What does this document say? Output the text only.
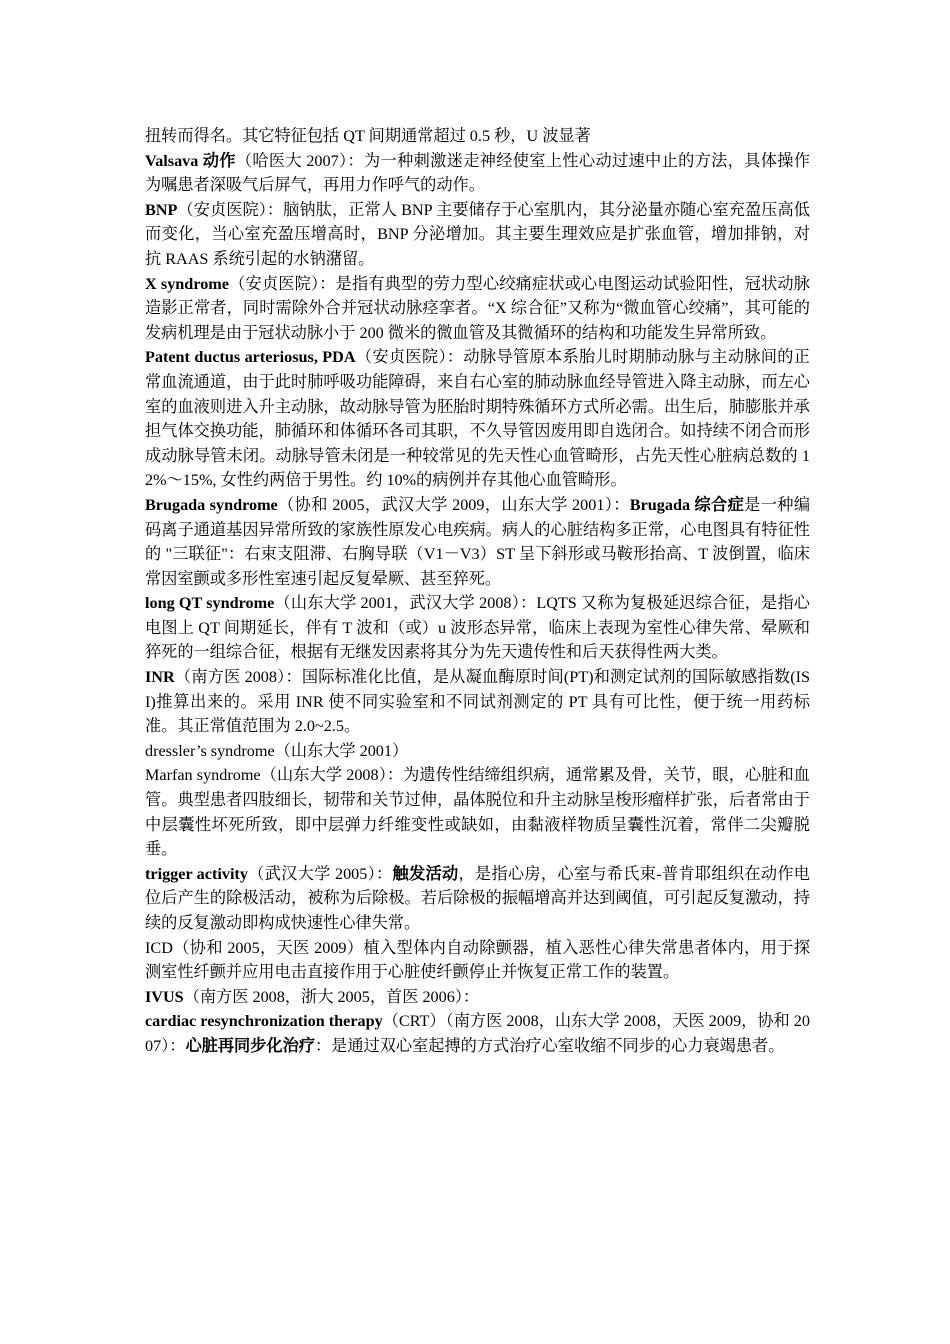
扭转而得名。其它特征包括 QT 间期通常超过 0.5 秒，U 波显著

Valsava 动作（哈医大 2007）：为一种刺激迷走神经使室上性心动过速中止的方法，具体操作为嘱患者深吸气后屏气，再用力作呼气的动作。

BNP（安贞医院）：脑钠肽，正常人 BNP 主要储存于心室肌内，其分泌量亦随心室充盈压高低而变化，当心室充盈压增高时，BNP 分泌增加。其主要生理效应是扩张血管，增加排钠，对抗 RAAS 系统引起的水钠潴留。

X syndrome（安贞医院）：是指有典型的劳力型心绞痛症状或心电图运动试验阳性，冠状动脉造影正常者，同时需除外合并冠状动脉痉挛者。“X 综合征”又称为“微血管心绞痛”，其可能的发病机理是由于冠状动脉小于 200 微米的微血管及其微循环的结构和功能发生异常所致。

Patent ductus arteriosus, PDA（安贞医院）：动脉导管原本系胎儿时期肺动脉与主动脉间的正常血流通道，由于此时肺呼吸功能障碍，来自右心室的肺动脉血经导管进入降主动脉，而左心室的血液则进入升主动脉，故动脉导管为胚胎时期特殊循环方式所必需。出生后，肺膨胀并承担气体交换功能，肺循环和体循环各司其职，不久导管因废用即自选闭合。如持续不闭合而形成动脉导管未闭。动脉导管未闭是一种较常见的先天性心血管畸形，占先天性心脏病总数的 12%～15%, 女性约两倍于男性。约 10%的病例并存其他心血管畸形。

Brugada syndrome（协和 2005，武汉大学 2009，山东大学 2001）：Brugada 综合症是一种编码离子通道基因异常所致的家族性原发心电疾病。病人的心脏结构多正常，心电图具有特征性的 "三联征"：右束支阻滞、右胸导联（V1－V3）ST 呈下斜形或马鞍形抬高、T 波倒置，临床常因室颤或多形性室速引起反复晕厥、甚至猝死。

long QT syndrome（山东大学 2001，武汉大学 2008）：LQTS 又称为复极延迟综合征，是指心电图上 QT 间期延长，伴有 T 波和（或）u 波形态异常，临床上表现为室性心律失常、晕厥和猝死的一组综合征，根据有无继发因素将其分为先天遗传性和后天获得性两大类。

INR（南方医 2008）：国际标准化比值，是从凝血酶原时间(PT)和测定试剂的国际敏感指数(ISI)推算出来的。采用 INR 使不同实验室和不同试剂测定的 PT 具有可比性，便于统一用药标准。其正常值范围为 2.0~2.5。

dressler’s syndrome（山东大学 2001）

Marfan syndrome（山东大学 2008）：为遗传性结缔组织病，通常累及骨，关节，眼，心脏和血管。典型患者四肢细长，韧带和关节过伸，晶体脱位和升主动脉呈梭形瘤样扩张，后者常由于中层囊性坏死所致，即中层弹力纤维变性或缺如，由黏液样物质呈囊性沉着，常伴二尖瓣脱垂。

trigger activity（武汉大学 2005）：触发活动，是指心房，心室与希氏束-普肯耶组织在动作电位后产生的除极活动，被称为后除极。若后除极的振幅增高并达到阈值，可引起反复激动，持续的反复激动即构成快速性心律失常。

ICD（协和 2005，天医 2009）植入型体内自动除颤器，植入恶性心律失常患者体内，用于探测室性纤颤并应用电击直接作用于心脏使纤颤停止并恢复正常工作的装置。

IVUS（南方医 2008，浙大 2005，首医 2006）：

cardiac resynchronization therapy（CRT）（南方医 2008，山东大学 2008，天医 2009，协和 2007）：心脏再同步化治疗：是通过双心室起搏的方式治疗心室收缩不同步的心力衰竭患者。
